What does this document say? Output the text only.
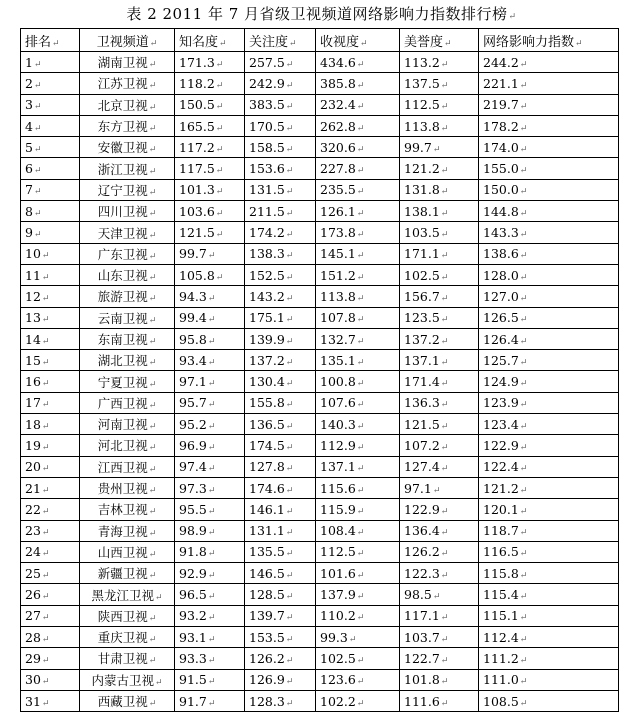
表 2 2011 年 7 月省级卫视频道网络影响力指数排行榜↵
排名↵	卫视频道↵	知名度↵	关注度↵	收视度↵	美誉度↵	网络影响力指数↵
1↵	湖南卫视↵	171.3↵	257.5↵	434.6↵	113.2↵	244.2↵
2↵	江苏卫视↵	118.2↵	242.9↵	385.8↵	137.5↵	221.1↵
3↵	北京卫视↵	150.5↵	383.5↵	232.4↵	112.5↵	219.7↵
4↵	东方卫视↵	165.5↵	170.5↵	262.8↵	113.8↵	178.2↵
5↵	安徽卫视↵	117.2↵	158.5↵	320.6↵	99.7↵	174.0↵
6↵	浙江卫视↵	117.5↵	153.6↵	227.8↵	121.2↵	155.0↵
7↵	辽宁卫视↵	101.3↵	131.5↵	235.5↵	131.8↵	150.0↵
8↵	四川卫视↵	103.6↵	211.5↵	126.1↵	138.1↵	144.8↵
9↵	天津卫视↵	121.5↵	174.2↵	173.8↵	103.5↵	143.3↵
10↵	广东卫视↵	99.7↵	138.3↵	145.1↵	171.1↵	138.6↵
11↵	山东卫视↵	105.8↵	152.5↵	151.2↵	102.5↵	128.0↵
12↵	旅游卫视↵	94.3↵	143.2↵	113.8↵	156.7↵	127.0↵
13↵	云南卫视↵	99.4↵	175.1↵	107.8↵	123.5↵	126.5↵
14↵	东南卫视↵	95.8↵	139.9↵	132.7↵	137.2↵	126.4↵
15↵	湖北卫视↵	93.4↵	137.2↵	135.1↵	137.1↵	125.7↵
16↵	宁夏卫视↵	97.1↵	130.4↵	100.8↵	171.4↵	124.9↵
17↵	广西卫视↵	95.7↵	155.8↵	107.6↵	136.3↵	123.9↵
18↵	河南卫视↵	95.2↵	136.5↵	140.3↵	121.5↵	123.4↵
19↵	河北卫视↵	96.9↵	174.5↵	112.9↵	107.2↵	122.9↵
20↵	江西卫视↵	97.4↵	127.8↵	137.1↵	127.4↵	122.4↵
21↵	贵州卫视↵	97.3↵	174.6↵	115.6↵	97.1↵	121.2↵
22↵	吉林卫视↵	95.5↵	146.1↵	115.9↵	122.9↵	120.1↵
23↵	青海卫视↵	98.9↵	131.1↵	108.4↵	136.4↵	118.7↵
24↵	山西卫视↵	91.8↵	135.5↵	112.5↵	126.2↵	116.5↵
25↵	新疆卫视↵	92.9↵	146.5↵	101.6↵	122.3↵	115.8↵
26↵	黑龙江卫视↵	96.5↵	128.5↵	137.9↵	98.5↵	115.4↵
27↵	陕西卫视↵	93.2↵	139.7↵	110.2↵	117.1↵	115.1↵
28↵	重庆卫视↵	93.1↵	153.5↵	99.3↵	103.7↵	112.4↵
29↵	甘肃卫视↵	93.3↵	126.2↵	102.5↵	122.7↵	111.2↵
30↵	内蒙古卫视↵	91.5↵	126.9↵	123.6↵	101.8↵	111.0↵
31↵	西藏卫视↵	91.7↵	128.3↵	102.2↵	111.6↵	108.5↵
